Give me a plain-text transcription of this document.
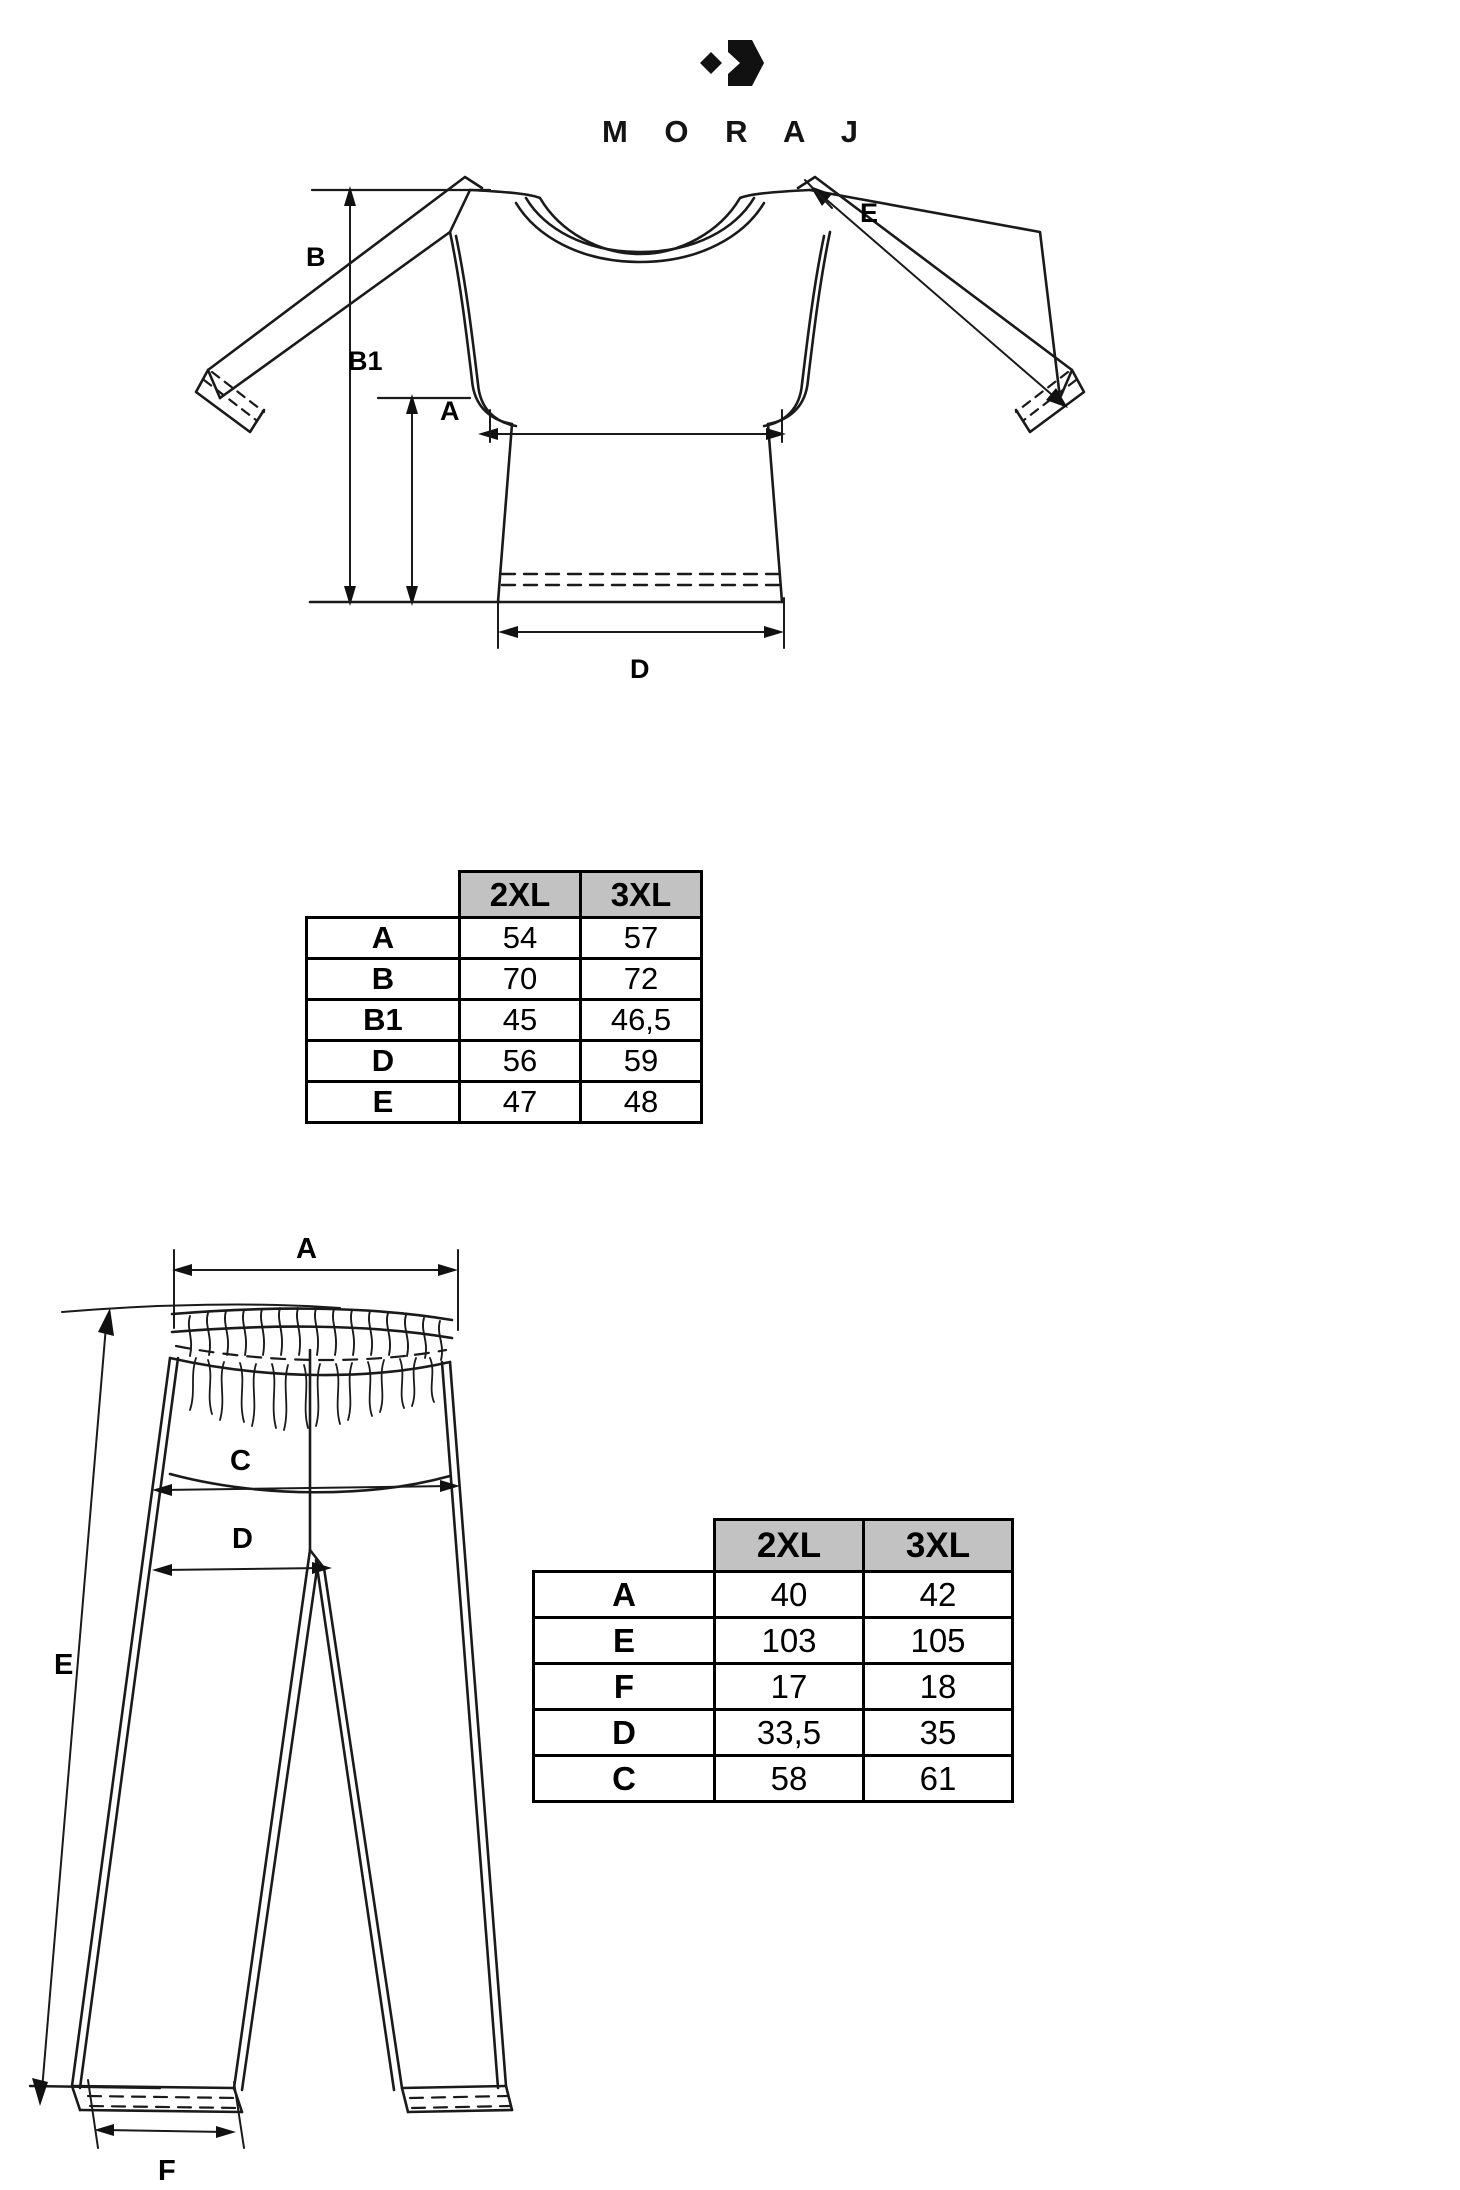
M O R A J
B
B1
A
D
E
	2XL	3XL
A	54	57
B	70	72
B1	45	46,5
D	56	59
E	47	48
A
E
C
D
F
	2XL	3XL
A	40	42
E	103	105
F	17	18
D	33,5	35
C	58	61
